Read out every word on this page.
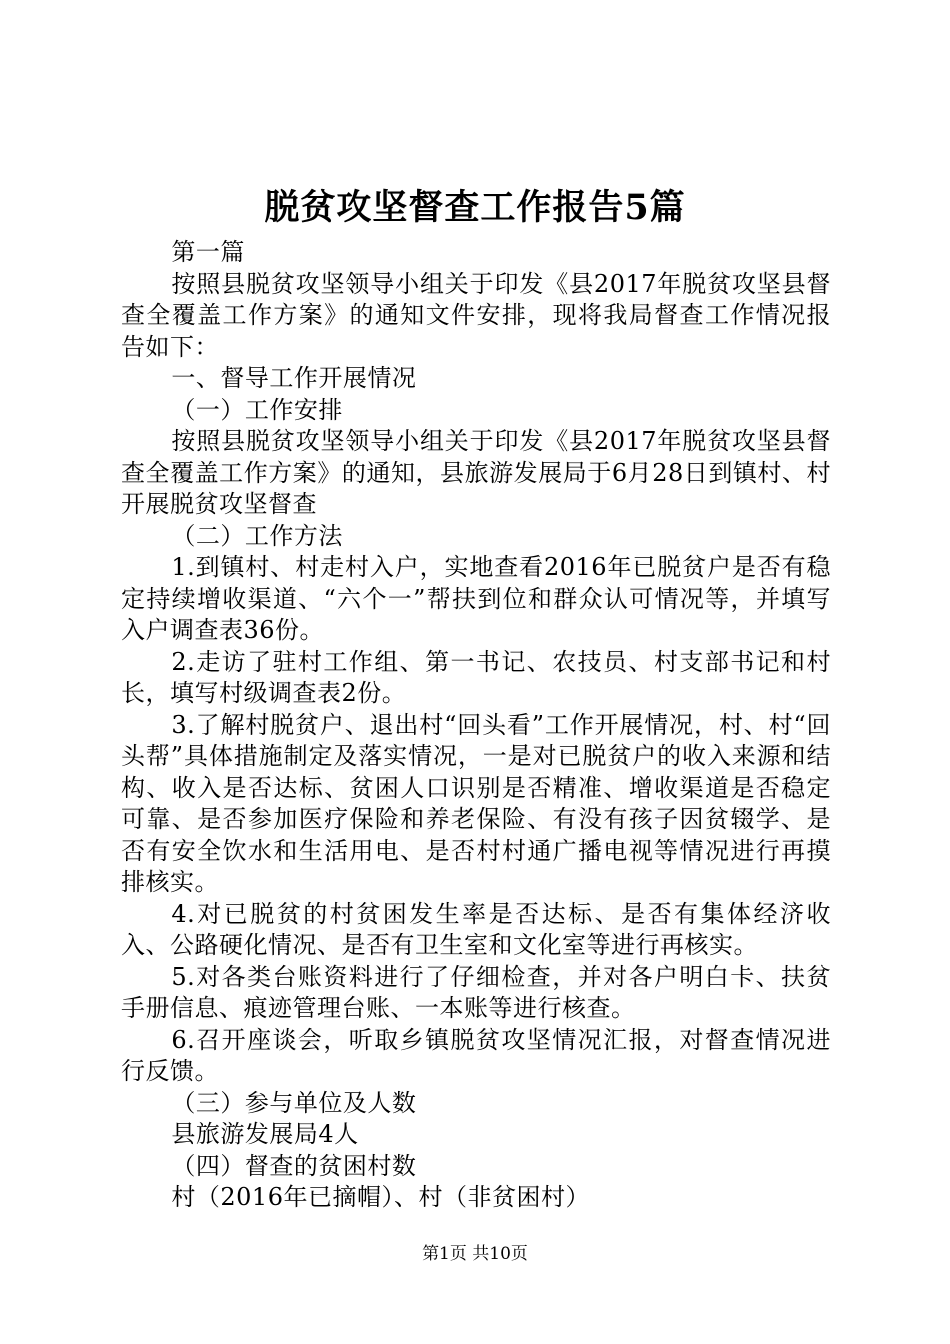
脱贫攻坚督查工作报告5篇

第一篇

按照县脱贫攻坚领导小组关于印发《县2017年脱贫攻坚县督查全覆盖工作方案》的通知文件安排，现将我局督查工作情况报告如下：

一、督导工作开展情况

（一）工作安排

按照县脱贫攻坚领导小组关于印发《县2017年脱贫攻坚县督查全覆盖工作方案》的通知，县旅游发展局于6月28日到镇村、村开展脱贫攻坚督查

（二）工作方法

1.到镇村、村走村入户，实地查看2016年已脱贫户是否有稳定持续增收渠道、“六个一”帮扶到位和群众认可情况等，并填写入户调查表36份。

2.走访了驻村工作组、第一书记、农技员、村支部书记和村长，填写村级调查表2份。

3.了解村脱贫户、退出村“回头看”工作开展情况，村、村“回头帮”具体措施制定及落实情况，一是对已脱贫户的收入来源和结构、收入是否达标、贫困人口识别是否精准、增收渠道是否稳定可靠、是否参加医疗保险和养老保险、有没有孩子因贫辍学、是否有安全饮水和生活用电、是否村村通广播电视等情况进行再摸排核实。

4.对已脱贫的村贫困发生率是否达标、是否有集体经济收入、公路硬化情况、是否有卫生室和文化室等进行再核实。

5.对各类台账资料进行了仔细检查，并对各户明白卡、扶贫手册信息、痕迹管理台账、一本账等进行核查。

6.召开座谈会，听取乡镇脱贫攻坚情况汇报，对督查情况进行反馈。

（三）参与单位及人数

县旅游发展局4人

（四）督查的贫困村数

村（2016年已摘帽）、村（非贫困村）

第1页 共10页
